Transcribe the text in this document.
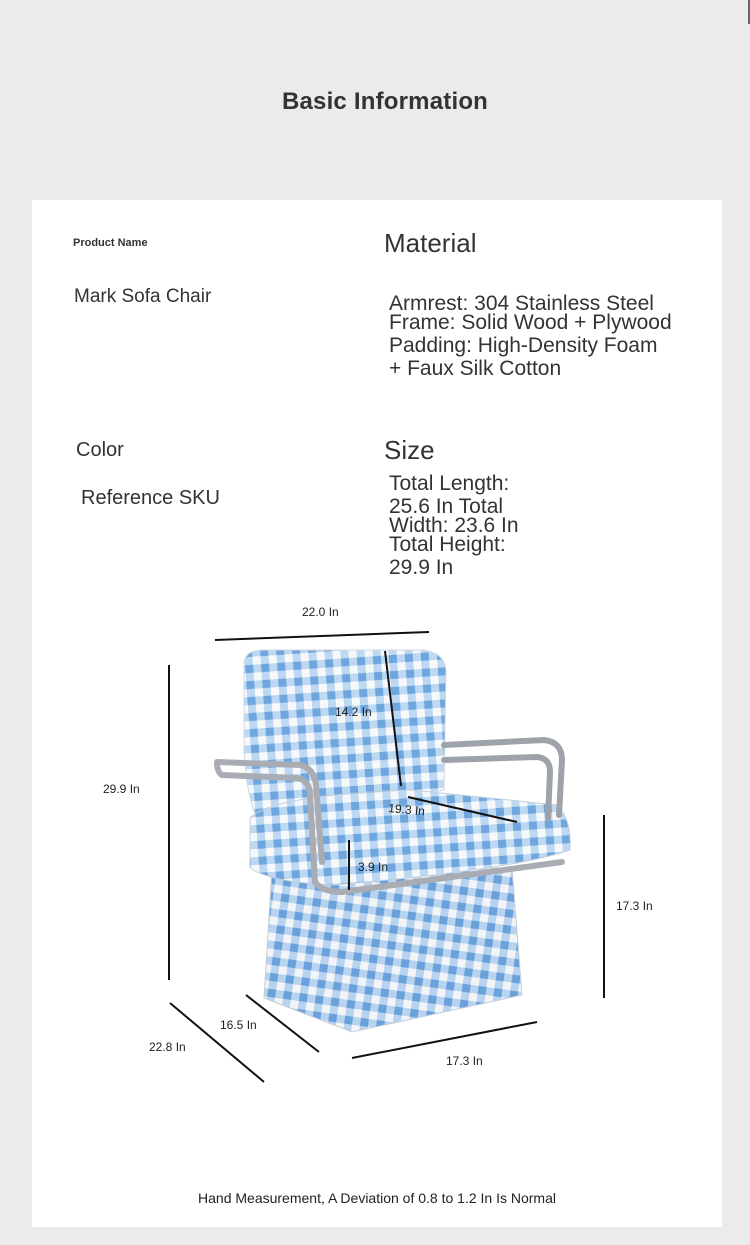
Basic Information
Product Name
Mark Sofa Chair
Material
Armrest: 304 Stainless Steel
Frame: Solid Wood + Plywood
Padding: High-Density Foam
+ Faux Silk Cotton
Color
Reference SKU
Size
Total Length:
25.6 In Total
Width: 23.6 In
Total Height:
29.9 In
22.0 In
14.2 In
19.3 In
3.9 In
29.9 In
17.3 In
16.5 In
22.8 In
17.3 In
Hand Measurement, A Deviation of 0.8 to 1.2 In Is Normal
